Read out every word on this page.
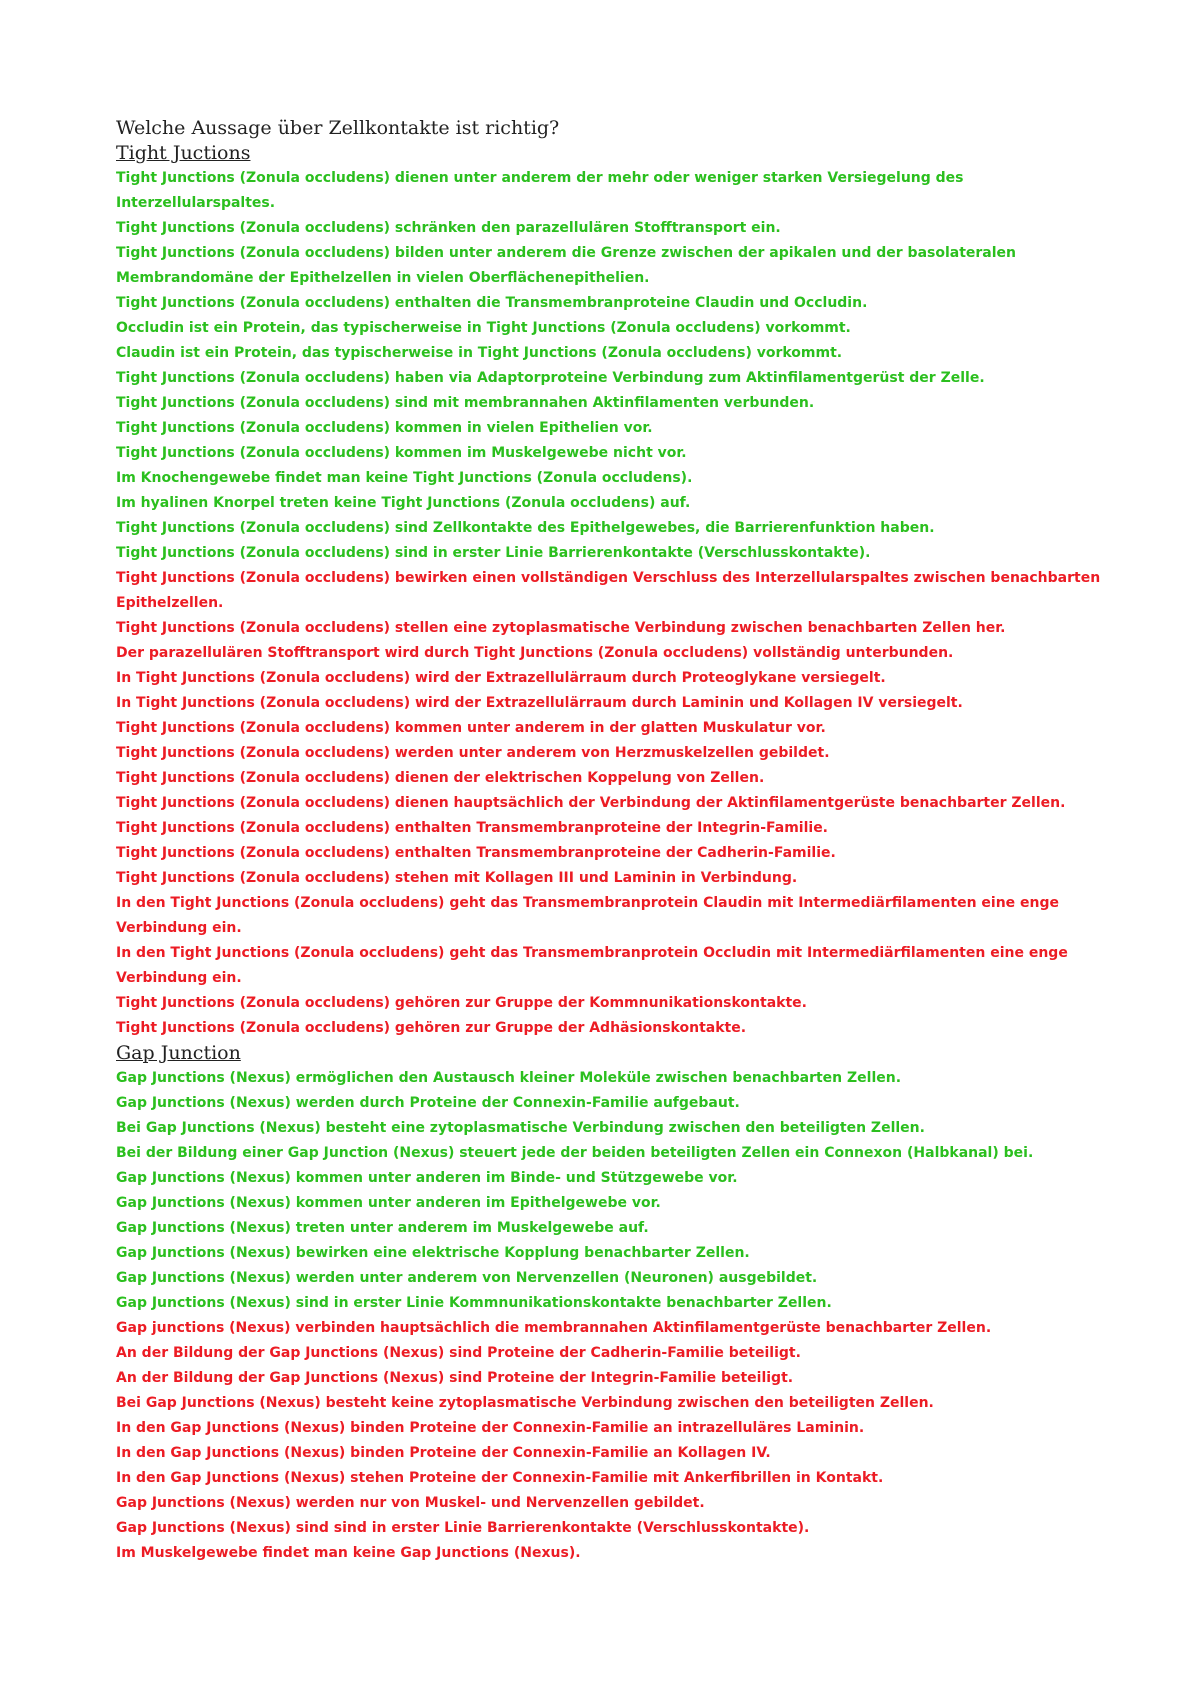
Welche Aussage über Zellkontakte ist richtig?
Tight Juctions

Tight Junctions (Zonula occludens) dienen unter anderem der mehr oder weniger starken Versiegelung des Interzellularspaltes.

Tight Junctions (Zonula occludens) schränken den parazellulären Stofftransport ein.

Tight Junctions (Zonula occludens) bilden unter anderem die Grenze zwischen der apikalen und der basolateralen Membrandomäne der Epithelzellen in vielen Oberflächenepithelien.

Tight Junctions (Zonula occludens) enthalten die Transmembranproteine Claudin und Occludin.

Occludin ist ein Protein, das typischerweise in Tight Junctions (Zonula occludens) vorkommt.

Claudin ist ein Protein, das typischerweise in Tight Junctions (Zonula occludens) vorkommt.

Tight Junctions (Zonula occludens) haben via Adaptorproteine Verbindung zum Aktinfilamentgerüst der Zelle.

Tight Junctions (Zonula occludens) sind mit membrannahen Aktinfilamenten verbunden.

Tight Junctions (Zonula occludens) kommen in vielen Epithelien vor.

Tight Junctions (Zonula occludens) kommen im Muskelgewebe nicht vor.

Im Knochengewebe findet man keine Tight Junctions (Zonula occludens).

Im hyalinen Knorpel treten keine Tight Junctions (Zonula occludens) auf.

Tight Junctions (Zonula occludens) sind Zellkontakte des Epithelgewebes, die Barrierenfunktion haben.

Tight Junctions (Zonula occludens) sind in erster Linie Barrierenkontakte (Verschlusskontakte).

Tight Junctions (Zonula occludens) bewirken einen vollständigen Verschluss des Interzellularspaltes zwischen benachbarten Epithelzellen.

Tight Junctions (Zonula occludens) stellen eine zytoplasmatische Verbindung zwischen benachbarten Zellen her.

Der parazellulären Stofftransport wird durch Tight Junctions (Zonula occludens) vollständig unterbunden.

In Tight Junctions (Zonula occludens) wird der Extrazellulärraum durch Proteoglykane versiegelt.

In Tight Junctions (Zonula occludens) wird der Extrazellulärraum durch Laminin und Kollagen IV versiegelt.

Tight Junctions (Zonula occludens) kommen unter anderem in der glatten Muskulatur vor.

Tight Junctions (Zonula occludens) werden unter anderem von Herzmuskelzellen gebildet.

Tight Junctions (Zonula occludens) dienen der elektrischen Koppelung von Zellen.

Tight Junctions (Zonula occludens) dienen hauptsächlich der Verbindung der Aktinfilamentgerüste benachbarter Zellen.

Tight Junctions (Zonula occludens) enthalten Transmembranproteine der Integrin-Familie.

Tight Junctions (Zonula occludens) enthalten Transmembranproteine der Cadherin-Familie.

Tight Junctions (Zonula occludens) stehen mit Kollagen III und Laminin in Verbindung.

In den Tight Junctions (Zonula occludens) geht das Transmembranprotein Claudin mit Intermediärfilamenten eine enge Verbindung ein.

In den Tight Junctions (Zonula occludens) geht das Transmembranprotein Occludin mit Intermediärfilamenten eine enge Verbindung ein.

Tight Junctions (Zonula occludens) gehören zur Gruppe der Kommnunikationskontakte.

Tight Junctions (Zonula occludens) gehören zur Gruppe der Adhäsionskontakte.

Gap Junction

Gap Junctions (Nexus) ermöglichen den Austausch kleiner Moleküle zwischen benachbarten Zellen.

Gap Junctions (Nexus) werden durch Proteine der Connexin-Familie aufgebaut.

Bei Gap Junctions (Nexus) besteht eine zytoplasmatische Verbindung zwischen den beteiligten Zellen.

Bei der Bildung einer Gap Junction (Nexus) steuert jede der beiden beteiligten Zellen ein Connexon (Halbkanal) bei.

Gap Junctions (Nexus) kommen unter anderen im Binde- und Stützgewebe vor.

Gap Junctions (Nexus) kommen unter anderen im Epithelgewebe vor.

Gap Junctions (Nexus) treten unter anderem im Muskelgewebe auf.

Gap Junctions (Nexus) bewirken eine elektrische Kopplung benachbarter Zellen.

Gap Junctions (Nexus) werden unter anderem von Nervenzellen (Neuronen) ausgebildet.

Gap Junctions (Nexus) sind in erster Linie Kommnunikationskontakte benachbarter Zellen.

Gap junctions (Nexus) verbinden hauptsächlich die membrannahen Aktinfilamentgerüste benachbarter Zellen.

An der Bildung der Gap Junctions (Nexus) sind Proteine der Cadherin-Familie beteiligt.

An der Bildung der Gap Junctions (Nexus) sind Proteine der Integrin-Familie beteiligt.

Bei Gap Junctions (Nexus) besteht keine zytoplasmatische Verbindung zwischen den beteiligten Zellen.

In den Gap Junctions (Nexus) binden Proteine der Connexin-Familie an intrazelluläres Laminin.

In den Gap Junctions (Nexus) binden Proteine der Connexin-Familie an Kollagen IV.

In den Gap Junctions (Nexus) stehen Proteine der Connexin-Familie mit Ankerfibrillen in Kontakt.

Gap Junctions (Nexus) werden nur von Muskel- und Nervenzellen gebildet.

Gap Junctions (Nexus) sind sind in erster Linie Barrierenkontakte (Verschlusskontakte).

Im Muskelgewebe findet man keine Gap Junctions (Nexus).
